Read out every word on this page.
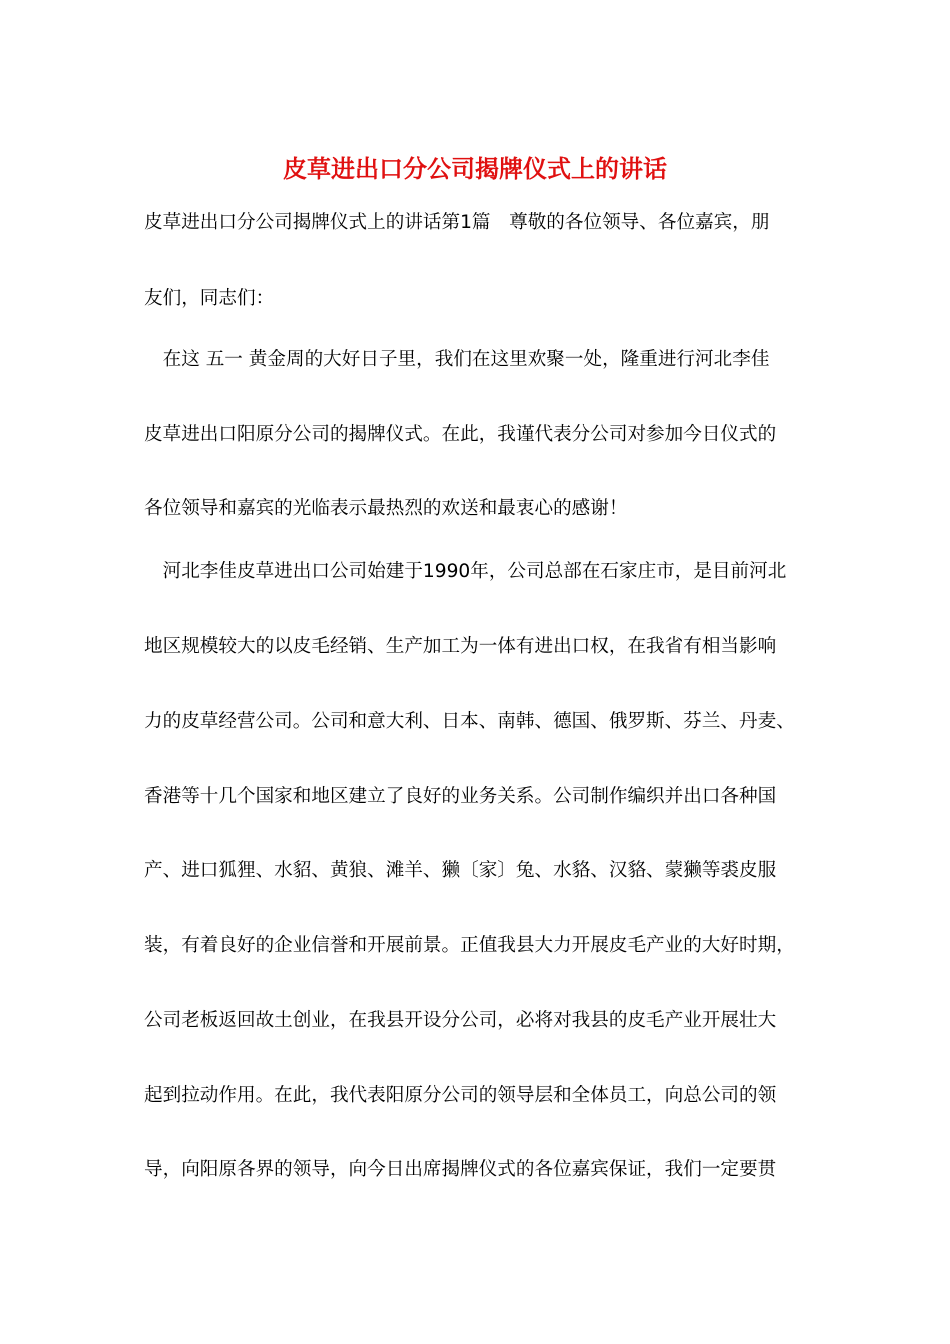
皮草进出口分公司揭牌仪式上的讲话
皮草进出口分公司揭牌仪式上的讲话第1篇　尊敬的各位领导、各位嘉宾，朋
友们，同志们：
　在这 五一 黄金周的大好日子里，我们在这里欢聚一处，隆重进行河北李佳
皮草进出口阳原分公司的揭牌仪式。在此，我谨代表分公司对参加今日仪式的
各位领导和嘉宾的光临表示最热烈的欢送和最衷心的感谢！
　河北李佳皮草进出口公司始建于1990年，公司总部在石家庄市，是目前河北
地区规模较大的以皮毛经销、生产加工为一体有进出口权，在我省有相当影响
力的皮草经营公司。公司和意大利、日本、南韩、德国、俄罗斯、芬兰、丹麦、
香港等十几个国家和地区建立了良好的业务关系。公司制作编织并出口各种国
产、进口狐狸、水貂、黄狼、滩羊、獭〔家〕兔、水貉、汉貉、蒙獭等裘皮服
装，有着良好的企业信誉和开展前景。正值我县大力开展皮毛产业的大好时期，
公司老板返回故土创业，在我县开设分公司，必将对我县的皮毛产业开展壮大
起到拉动作用。在此，我代表阳原分公司的领导层和全体员工，向总公司的领
导，向阳原各界的领导，向今日出席揭牌仪式的各位嘉宾保证，我们一定要贯
